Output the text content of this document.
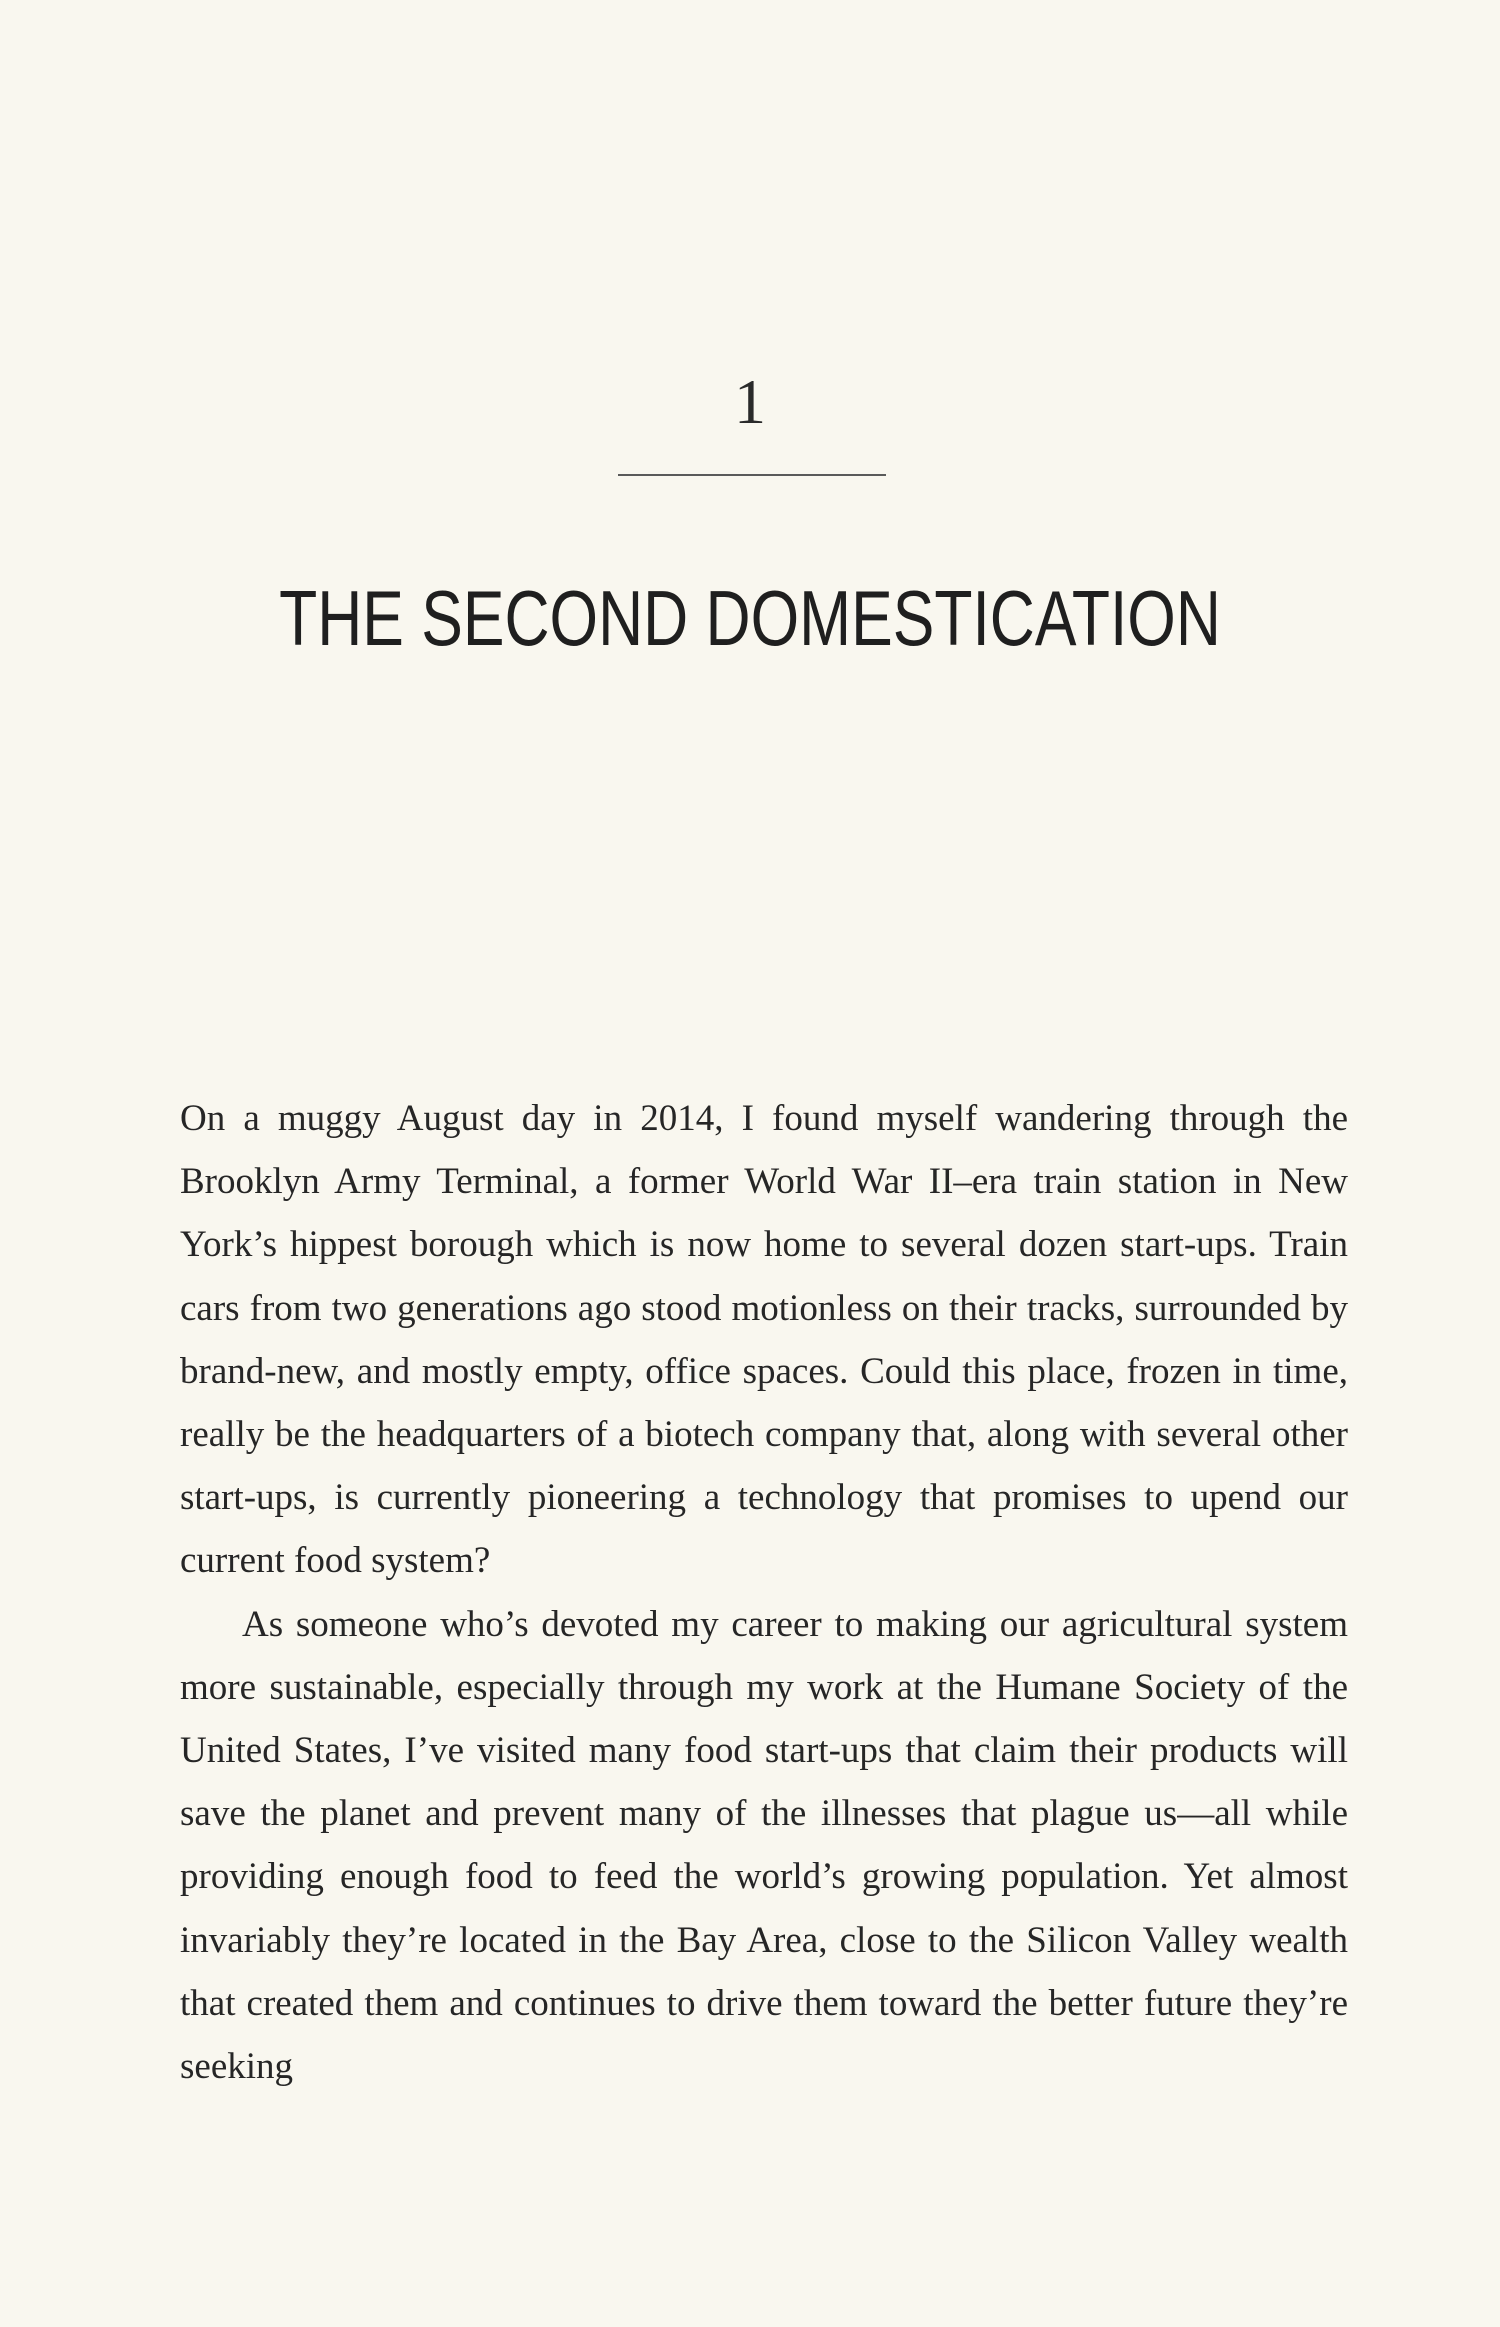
1
THE SECOND DOMESTICATION

On a muggy August day in 2014, I found myself wandering through the Brooklyn Army Terminal, a former World War II–era train station in New York’s hippest borough which is now home to several dozen start-ups. Train cars from two generations ago stood motionless on their tracks, surrounded by brand-new, and mostly empty, office spaces. Could this place, frozen in time, really be the headquarters of a biotech company that, along with several other start-ups, is currently pioneering a technology that promises to upend our current food system?

As someone who’s devoted my career to making our agricultural system more sustainable, especially through my work at the Humane Society of the United States, I’ve visited many food start-ups that claim their products will save the planet and prevent many of the illnesses that plague us—all while providing enough food to feed the world’s growing population. Yet almost invariably they’re located in the Bay Area, close to the Silicon Valley wealth that created them and continues to drive them toward the better future they’re seeking
